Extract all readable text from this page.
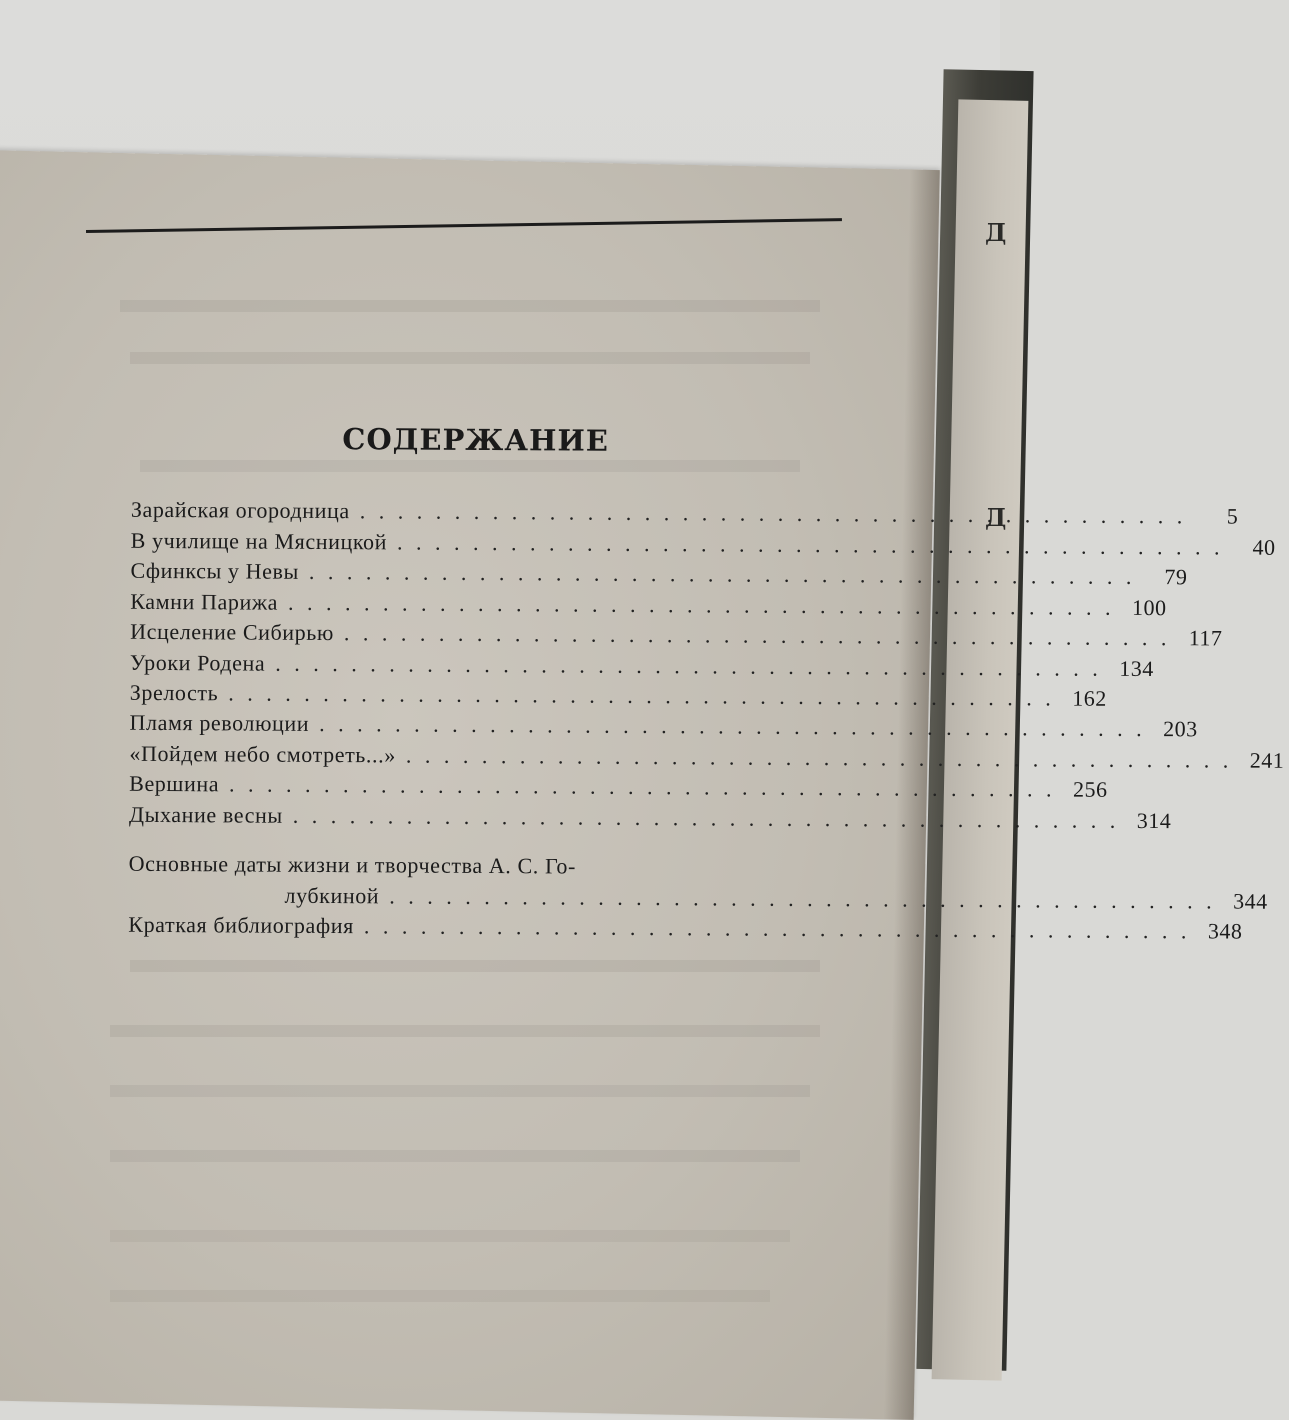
Д
Д
СОДЕРЖАНИЕ
Зарайская огородница . . .	5
В училище на Мясницкой . . .	40
Сфинксы у Невы . . .	79
Камни Парижа . . .	100
Исцеление Сибирью . . .	117
Уроки Родена . . .	134
Зрелость . . .	162
Пламя революции . . .	203
«Пойдем небо смотреть...» . . .	241
Вершина . . .	256
Дыхание весны . . .	314
Основные даты жизни и творчества А. С. Го-
лубкиной . . .	344
Краткая библиография . . .	348
